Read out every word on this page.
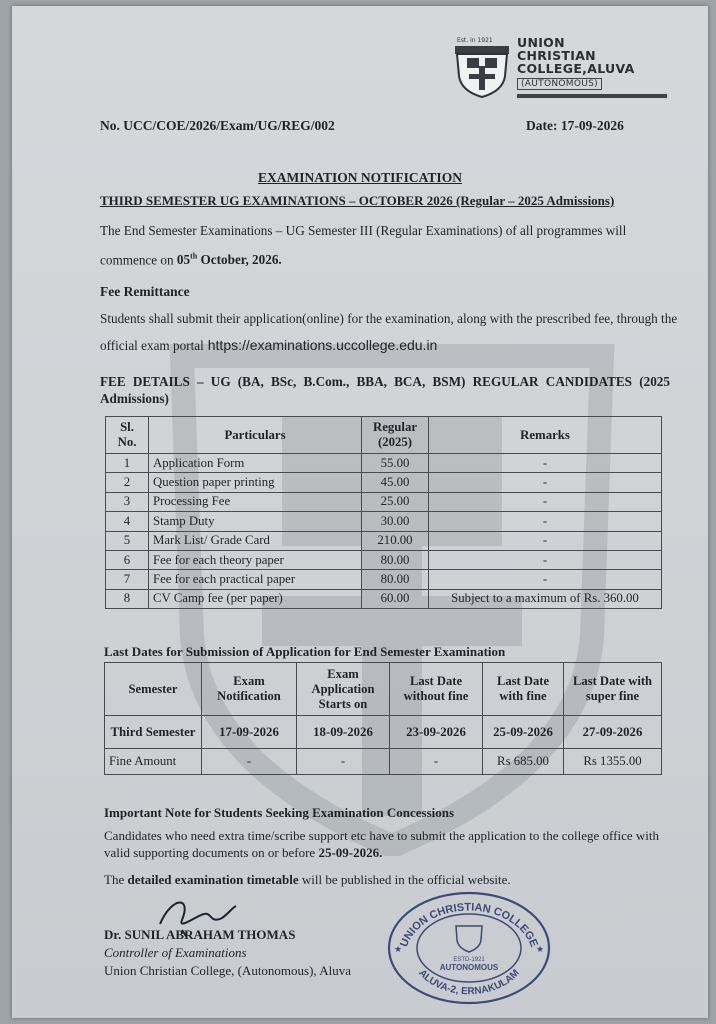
Est. in 1921 UNION
CHRISTIAN
COLLEGE,ALUVA
(AUTONOMOUS)
No. UCC/COE/2026/Exam/UG/REG/002	Date: 17-09-2026
EXAMINATION NOTIFICATION
THIRD SEMESTER UG EXAMINATIONS – OCTOBER 2026 (Regular – 2025 Admissions)
The End Semester Examinations – UG Semester III (Regular Examinations) of all programmes will commence on 05th October, 2026.
Fee Remittance
Students shall submit their application(online) for the examination, along with the prescribed fee, through the official exam portal https://examinations.uccollege.edu.in
FEE DETAILS – UG (BA, BSc, B.Com., BBA, BCA, BSM) REGULAR CANDIDATES (2025 Admissions)
Sl. No.	Particulars	Regular (2025)	Remarks
1	Application Form	55.00	-
2	Question paper printing	45.00	-
3	Processing Fee	25.00	-
4	Stamp Duty	30.00	-
5	Mark List/ Grade Card	210.00	-
6	Fee for each theory paper	80.00	-
7	Fee for each practical paper	80.00	-
8	CV Camp fee (per paper)	60.00	Subject to a maximum of Rs. 360.00
Last Dates for Submission of Application for End Semester Examination
Semester	Exam Notification	Exam Application Starts on	Last Date without fine	Last Date with fine	Last Date with super fine
Third Semester	17-09-2026	18-09-2026	23-09-2026	25-09-2026	27-09-2026
Fine Amount	-	-	-	Rs 685.00	Rs 1355.00
Important Note for Students Seeking Examination Concessions
Candidates who need extra time/scribe support etc have to submit the application to the college office with valid supporting documents on or before 25-09-2026.
The detailed examination timetable will be published in the official website.
Dr. SUNIL ABRAHAM THOMAS
Controller of Examinations
Union Christian College, (Autonomous), Aluva
UNION CHRISTIAN COLLEGE
ALUVA-2, ERNAKULAM
ESTD-1921
AUTONOMOUS
★	★
